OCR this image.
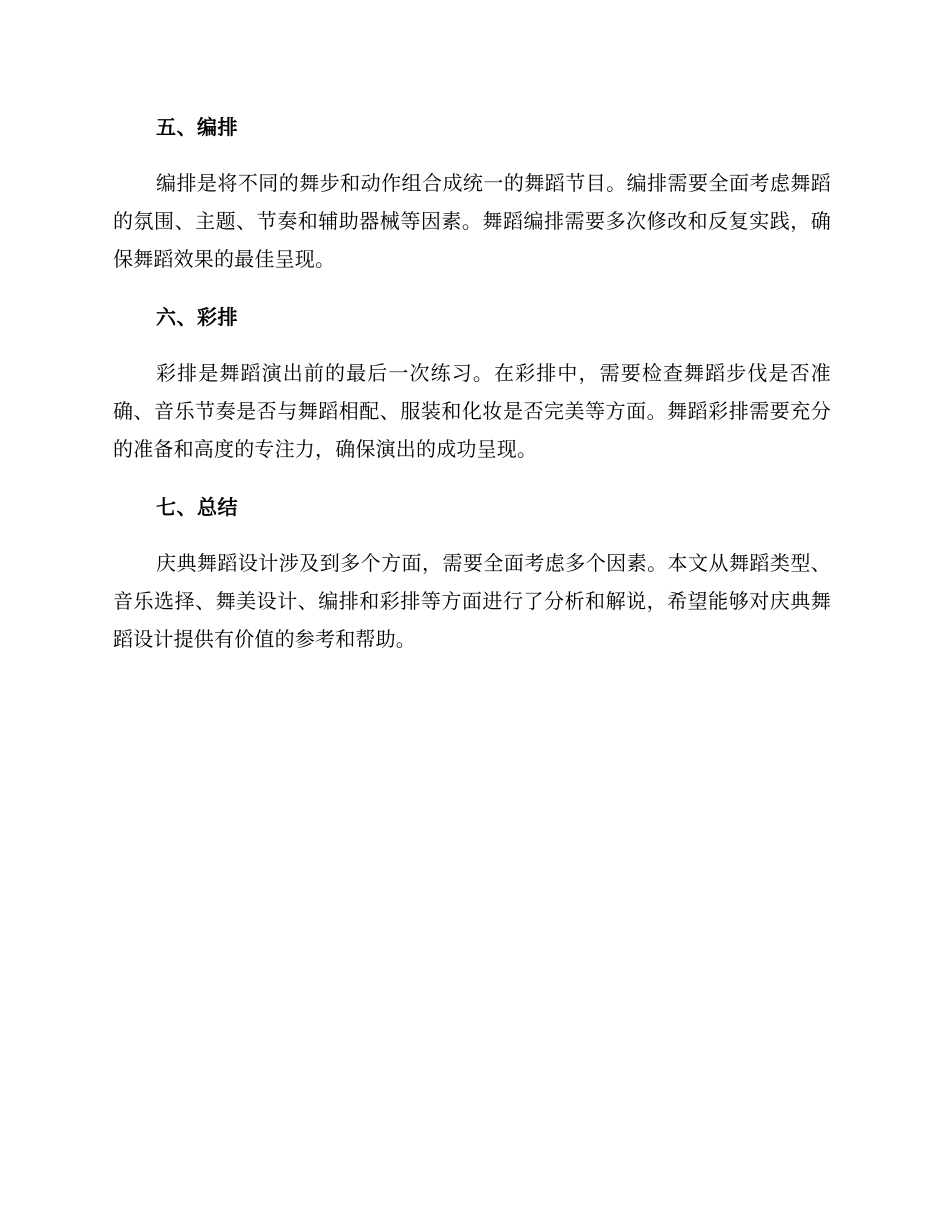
五、编排

编排是将不同的舞步和动作组合成统一的舞蹈节目。编排需要全面考虑舞蹈的氛围、主题、节奏和辅助器械等因素。舞蹈编排需要多次修改和反复实践，确保舞蹈效果的最佳呈现。

六、彩排

彩排是舞蹈演出前的最后一次练习。在彩排中，需要检查舞蹈步伐是否准确、音乐节奏是否与舞蹈相配、服装和化妆是否完美等方面。舞蹈彩排需要充分的准备和高度的专注力，确保演出的成功呈现。

七、总结

庆典舞蹈设计涉及到多个方面，需要全面考虑多个因素。本文从舞蹈类型、音乐选择、舞美设计、编排和彩排等方面进行了分析和解说，希望能够对庆典舞蹈设计提供有价值的参考和帮助。
